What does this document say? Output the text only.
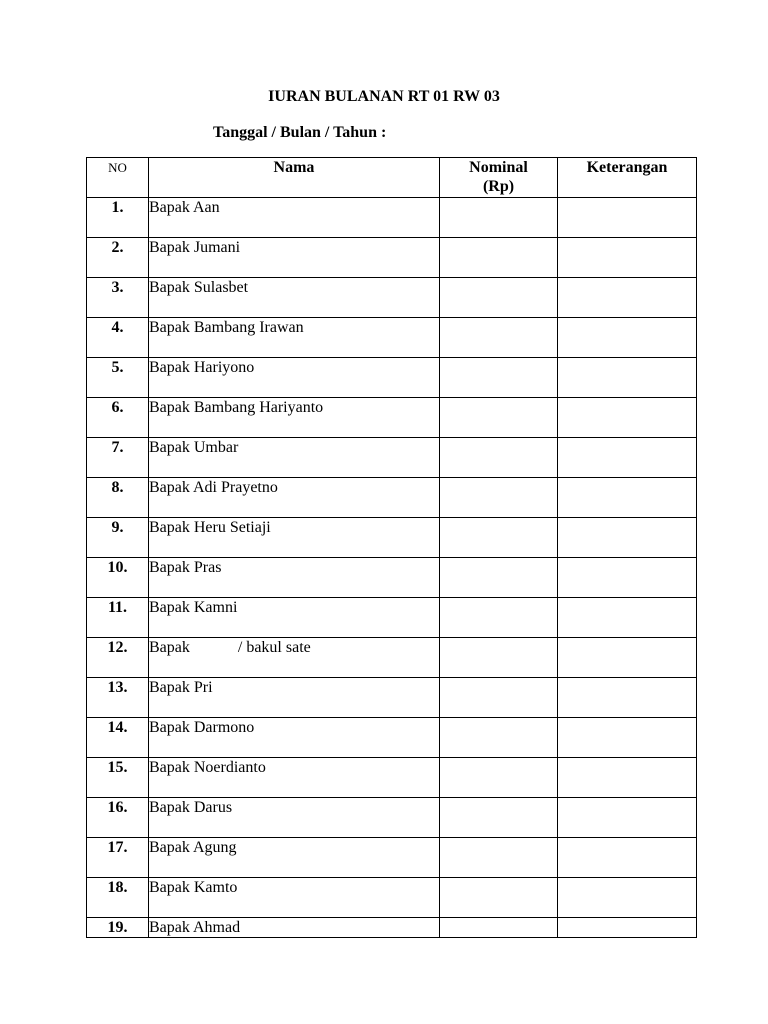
IURAN BULANAN RT 01 RW 03
Tanggal / Bulan / Tahun :
NO	Nama	Nominal (Rp)	Keterangan
1.	Bapak Aan		
2.	Bapak Jumani		
3.	Bapak Sulasbet		
4.	Bapak Bambang Irawan		
5.	Bapak Hariyono		
6.	Bapak Bambang Hariyanto		
7.	Bapak Umbar		
8.	Bapak Adi Prayetno		
9.	Bapak Heru Setiaji		
10.	Bapak Pras		
11.	Bapak Kamni		
12.	Bapak            / bakul sate		
13.	Bapak Pri		
14.	Bapak Darmono		
15.	Bapak Noerdianto		
16.	Bapak Darus		
17.	Bapak Agung		
18.	Bapak Kamto		
19.	Bapak Ahmad		
